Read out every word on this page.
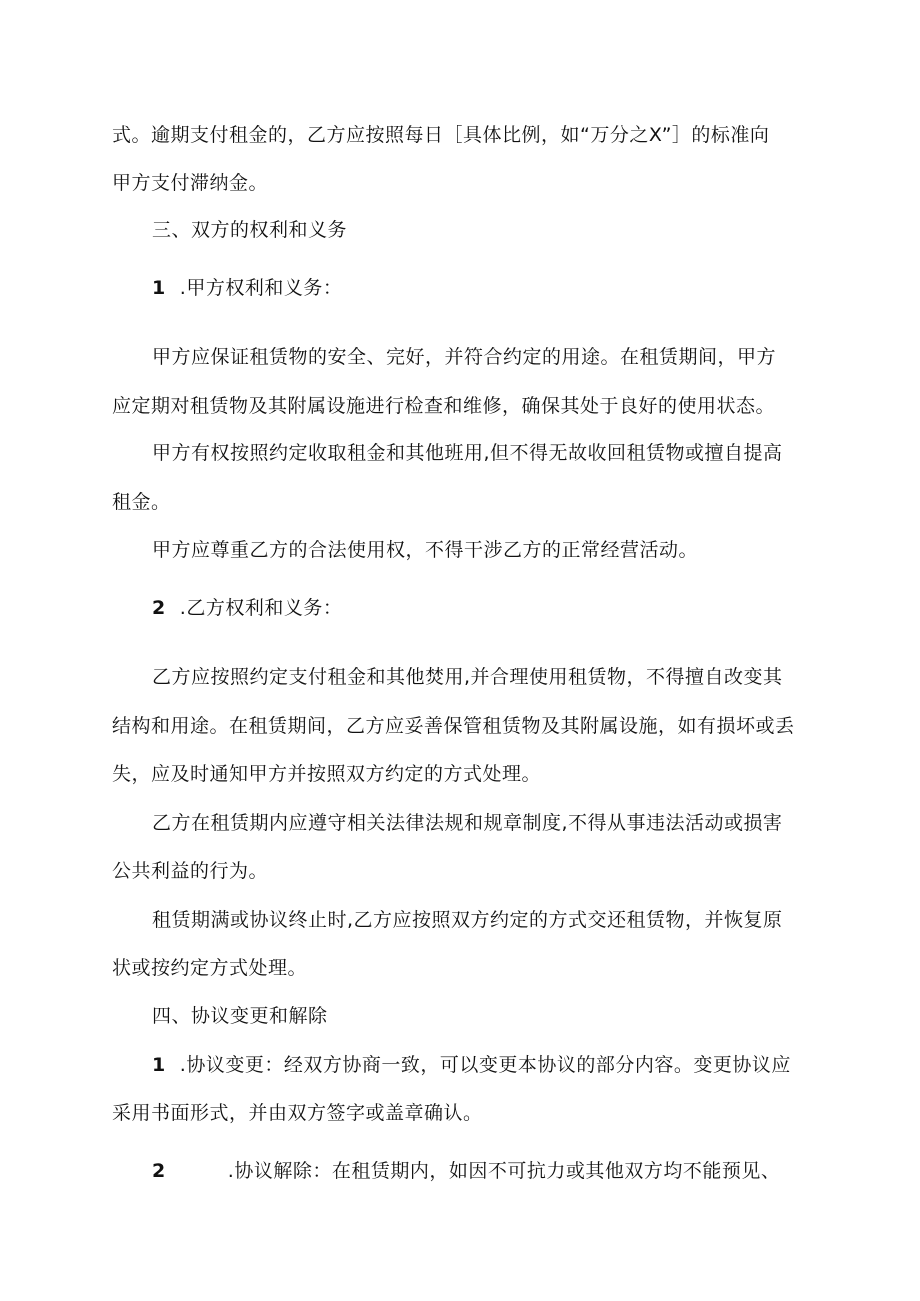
式。逾期支付租金的，乙方应按照每日［具体比例，如“万分之X”］的标准向
甲方支付滞纳金。
三、双方的权利和义务
1 .甲方权利和义务：
甲方应保证租赁物的安全、完好，并符合约定的用途。在租赁期间，甲方
应定期对租赁物及其附属设施进行检查和维修，确保其处于良好的使用状态。
甲方有权按照约定收取租金和其他班用,但不得无故收回租赁物或擅自提高
租金。
甲方应尊重乙方的合法使用权，不得干涉乙方的正常经营活动。
2 .乙方权利和义务：
乙方应按照约定支付租金和其他焚用,并合理使用租赁物，不得擅自改变其
结构和用途。在租赁期间，乙方应妥善保管租赁物及其附属设施，如有损坏或丢
失，应及时通知甲方并按照双方约定的方式处理。
乙方在租赁期内应遵守相关法律法规和规章制度,不得从事违法活动或损害
公共利益的行为。
租赁期满或协议终止时,乙方应按照双方约定的方式交还租赁物，并恢复原
状或按约定方式处理。
四、协议变更和解除
1 .协议变更：经双方协商一致，可以变更本协议的部分内容。变更协议应
采用书面形式，并由双方签字或盖章确认。
2	.协议解除：在租赁期内，如因不可抗力或其他双方均不能预见、
